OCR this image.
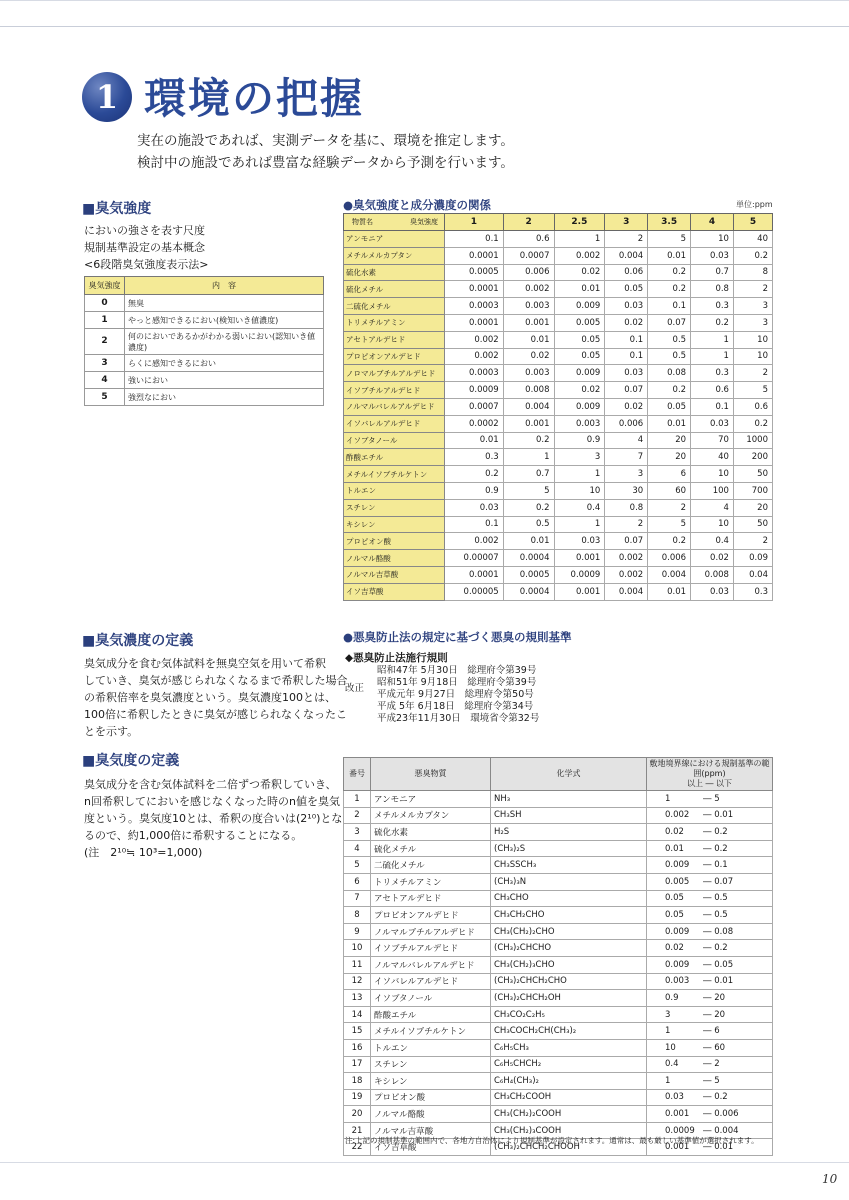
1 環境の把握
実在の施設であれば、実測データを基に、環境を推定します。
検討中の施設であれば豊富な経験データから予測を行います。
■臭気強度
においの強さを表す尺度
規制基準設定の基本概念
<6段階臭気強度表示法>
臭気強度	内　容
0	無臭
1	やっと感知できるにおい(検知いき値濃度)
2	何のにおいであるかがわかる弱いにおい(認知いき値濃度)
3	らくに感知できるにおい
4	強いにおい
5	強烈なにおい
●臭気強度と成分濃度の関係	単位:ppm
物質名 臭気強度	1	2	2.5	3	3.5	4	5
アンモニア	0.1	0.6	1	2	5	10	40
メチルメルカプタン	0.0001	0.0007	0.002	0.004	0.01	0.03	0.2
硫化水素	0.0005	0.006	0.02	0.06	0.2	0.7	8
硫化メチル	0.0001	0.002	0.01	0.05	0.2	0.8	2
二硫化メチル	0.0003	0.003	0.009	0.03	0.1	0.3	3
トリメチルアミン	0.0001	0.001	0.005	0.02	0.07	0.2	3
アセトアルデヒド	0.002	0.01	0.05	0.1	0.5	1	10
プロピオンアルデヒド	0.002	0.02	0.05	0.1	0.5	1	10
ノロマルブチルアルデヒド	0.0003	0.003	0.009	0.03	0.08	0.3	2
イソブチルアルデヒド	0.0009	0.008	0.02	0.07	0.2	0.6	5
ノルマルバレルアルデヒド	0.0007	0.004	0.009	0.02	0.05	0.1	0.6
イソバレルアルデヒド	0.0002	0.001	0.003	0.006	0.01	0.03	0.2
イソブタノール	0.01	0.2	0.9	4	20	70	1000
酢酸エチル	0.3	1	3	7	20	40	200
メチルイソブチルケトン	0.2	0.7	1	3	6	10	50
トルエン	0.9	5	10	30	60	100	700
スチレン	0.03	0.2	0.4	0.8	2	4	20
キシレン	0.1	0.5	1	2	5	10	50
プロピオン酸	0.002	0.01	0.03	0.07	0.2	0.4	2
ノルマル酪酸	0.00007	0.0004	0.001	0.002	0.006	0.02	0.09
ノルマル吉草酸	0.0001	0.0005	0.0009	0.002	0.004	0.008	0.04
イソ吉草酸	0.00005	0.0004	0.001	0.004	0.01	0.03	0.3
■臭気濃度の定義
臭気成分を食む気体試料を無臭空気を用いて希釈
していき、臭気が感じられなくなるまで希釈した場合
の希釈倍率を臭気濃度という。臭気濃度100とは、
100倍に希釈したときに臭気が感じられなくなったこ
とを示す。
■臭気度の定義
臭気成分を含む気体試料を二倍ずつ希釈していき、
n回希釈してにおいを感じなくなった時のn値を臭気
度という。臭気度10とは、希釈の度合いは(2¹⁰)とな
るので、約1,000倍に希釈することになる。
(注　2¹⁰≒ 10³=1,000)
●悪臭防止法の規定に基づく悪臭の規則基準
◆悪臭防止法施行規則
改正
昭和47年 5月30日　総理府令第39号
昭和51年 9月18日　総理府令第39号
平成元年 9月27日　総理府令第50号
平成 5年 6月18日　総理府令第34号
平成23年11月30日　環境省令第32号
番号	悪臭物質	化学式	敷地境界線における規制基準の範囲(ppm)
以上 ― 以下

1	アンモニア	NH₃	1 ― 5
2	メチルメルカプタン	CH₃SH	0.002 ― 0.01
3	硫化水素	H₂S	0.02 ― 0.2
4	硫化メチル	(CH₃)₂S	0.01 ― 0.2
5	二硫化メチル	CH₃SSCH₃	0.009 ― 0.1
6	トリメチルアミン	(CH₃)₃N	0.005 ― 0.07
7	アセトアルデヒド	CH₃CHO	0.05 ― 0.5
8	プロピオンアルデヒド	CH₃CH₂CHO	0.05 ― 0.5
9	ノルマルブチルアルデヒド	CH₃(CH₂)₂CHO	0.009 ― 0.08
10	イソブチルアルデヒド	(CH₃)₂CHCHO	0.02 ― 0.2
11	ノルマルバレルアルデヒド	CH₃(CH₂)₃CHO	0.009 ― 0.05
12	イソバレルアルデヒド	(CH₃)₂CHCH₂CHO	0.003 ― 0.01
13	イソブタノール	(CH₃)₂CHCH₂OH	0.9 ― 20
14	酢酸エチル	CH₃CO₂C₂H₅	3 ― 20
15	メチルイソブチルケトン	CH₃COCH₂CH(CH₃)₂	1 ― 6
16	トルエン	C₆H₅CH₃	10 ― 60
17	スチレン	C₆H₅CHCH₂	0.4 ― 2
18	キシレン	C₆H₄(CH₃)₂	1 ― 5
19	プロピオン酸	CH₃CH₂COOH	0.03 ― 0.2
20	ノルマル酪酸	CH₃(CH₂)₂COOH	0.001 ― 0.006
21	ノルマル吉草酸	CH₃(CH₂)₃COOH	0.0009 ― 0.004
22	イソ吉草酸	(CH₃)₂CHCH₂CHOOH	0.001 ― 0.01
注:上記の規制基準の範囲内で、各地方自治体により規制基準が設定されます。通常は、最も厳しい基準値が選択されます。
10
